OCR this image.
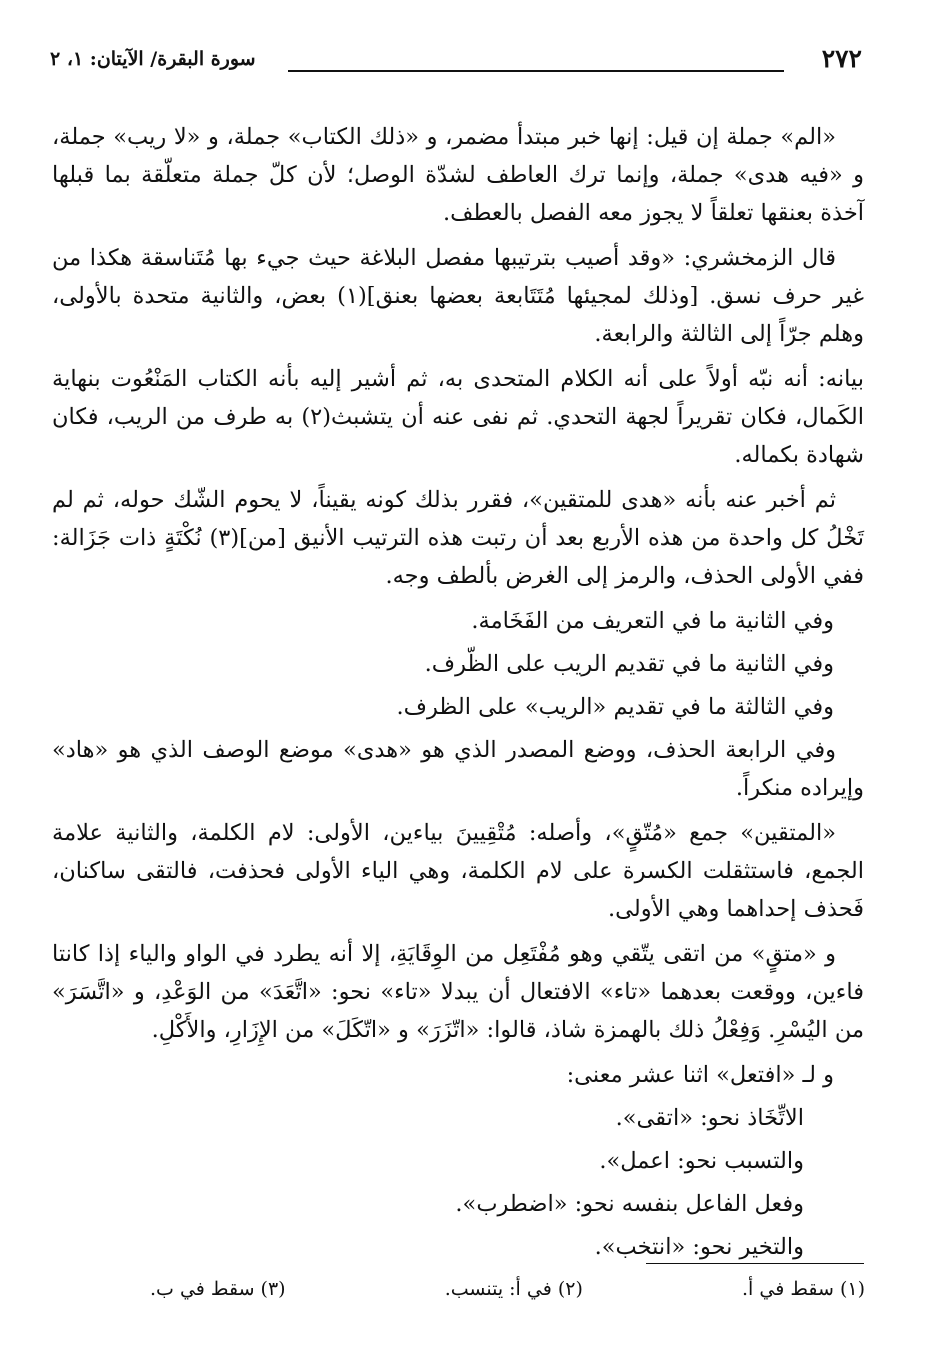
٢٧٢
سورة البقرة/ الآيتان: ١، ٢

«الم» جملة إن قيل: إنها خبر مبتدأ مضمر، و «ذلك الكتاب» جملة، و «لا ريب» جملة، و «فيه هدى» جملة، وإنما ترك العاطف لشدّة الوصل؛ لأن كلّ جملة متعلّقة بما قبلها آخذة بعنقها تعلقاً لا يجوز معه الفصل بالعطف.

قال الزمخشري: «وقد أصيب بترتيبها مفصل البلاغة حيث جيء بها مُتَناسقة هكذا من غير حرف نسق. [وذلك لمجيئها مُتَتَابعة بعضها بعنق](١) بعض، والثانية متحدة بالأولى، وهلم جرّاً إلى الثالثة والرابعة.

بيانه: أنه نبّه أولاً على أنه الكلام المتحدى به، ثم أشير إليه بأنه الكتاب المَنْعُوت بنهاية الكَمال، فكان تقريراً لجهة التحدي. ثم نفى عنه أن يتشبث(٢) به طرف من الريب، فكان شهادة بكماله.

ثم أخبر عنه بأنه «هدى للمتقين»، فقرر بذلك كونه يقيناً، لا يحوم الشّك حوله، ثم لم تَخْلُ كل واحدة من هذه الأربع بعد أن رتبت هذه الترتيب الأنيق [من](٣) نُكْتَةٍ ذات جَزَالة: ففي الأولى الحذف، والرمز إلى الغرض بألطف وجه.

وفي الثانية ما في التعريف من الفَخَامة.

وفي الثانية ما في تقديم الريب على الظّرف.

وفي الثالثة ما في تقديم «الريب» على الظرف.

وفي الرابعة الحذف، ووضع المصدر الذي هو «هدى» موضع الوصف الذي هو «هاد» وإيراده منكراً.

«المتقين» جمع «مُتّقٍ»، وأصله: مُتْقِيينَ بياءين، الأولى: لام الكلمة، والثانية علامة الجمع، فاستثقلت الكسرة على لام الكلمة، وهي الياء الأولى فحذفت، فالتقى ساكنان، فَحذف إحداهما وهي الأولى.

و «متقٍ» من اتقى يتّقي وهو مُفْتَعِل من الوِقَايَةِ، إلا أنه يطرد في الواو والياء إذا كانتا فاءين، ووقعت بعدهما «تاء» الافتعال أن يبدلا «تاء» نحو: «اتَّعَدَ» من الوَعْدِ، و «اتَّسَرَ» من اليُسْرِ. وَفِعْلُ ذلك بالهمزة شاذ، قالوا: «اتّزَرَ» و «اتّكَلَ» من الإِزَارِ، والأَكْلِ.

و لـ «افتعل» اثنا عشر معنى:

الاتِّخَاذ نحو: «اتقى».

والتسبب نحو: اعمل».

وفعل الفاعل بنفسه نحو: «اضطرب».

والتخير نحو: «انتخب».

(١) سقط في أ.
(٢) في أ: يتنسب.
(٣) سقط في ب.
